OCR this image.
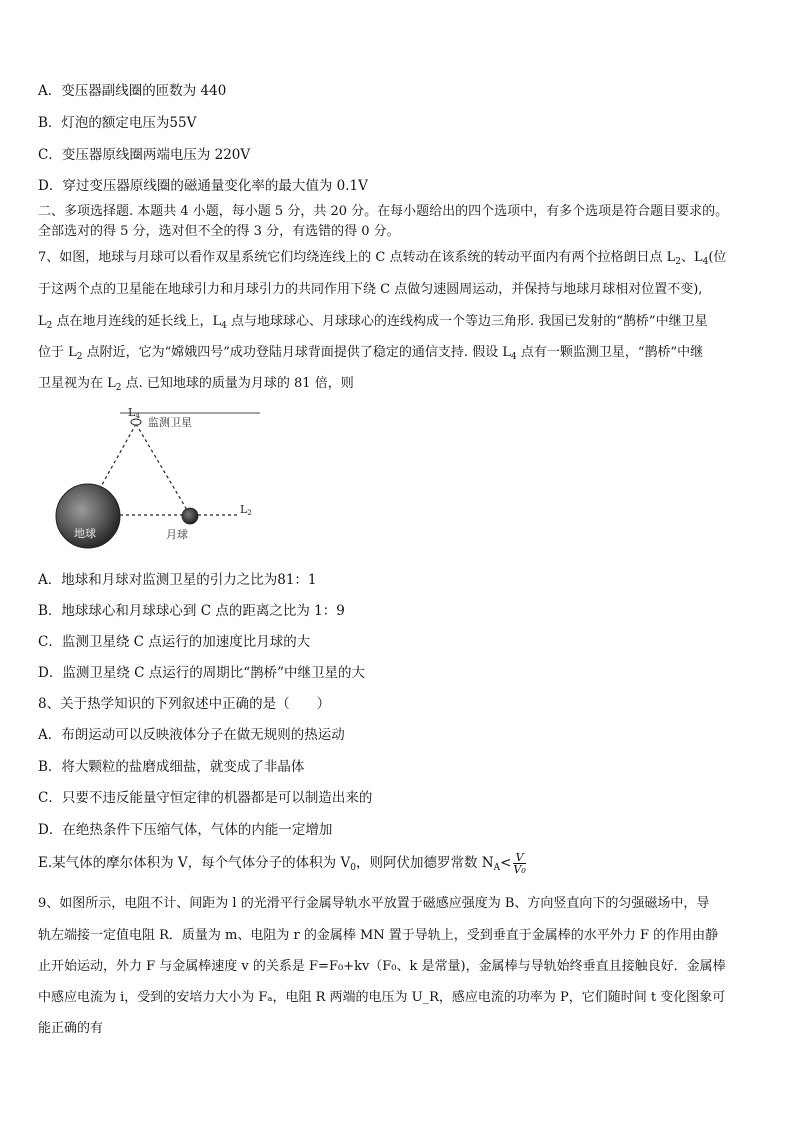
A．变压器副线圈的匝数为 440
B．灯泡的额定电压为55V
C．变压器原线圈两端电压为 220V
D．穿过变压器原线圈的磁通量变化率的最大值为 0.1V
二、多项选择题. 本题共 4 小题，每小题 5 分，共 20 分。在每小题给出的四个选项中，有多个选项是符合题目要求的。
全部选对的得 5 分，选对但不全的得 3 分，有选错的得 0 分。
7、如图，地球与月球可以看作双星系统它们均绕连线上的 C 点转动在该系统的转动平面内有两个拉格朗日点 $L_2$、$L_4$(位
于这两个点的卫星能在地球引力和月球引力的共同作用下绕 C 点做匀速圆周运动，并保持与地球月球相对位置不变),
$L_2$ 点在地月连线的延长线上，$L_4$ 点与地球球心、月球球心的连线构成一个等边三角形. 我国已发射的“鹊桥”中继卫星
位于 $L_2$ 点附近，它为“嫦娥四号”成功登陆月球背面提供了稳定的通信支持. 假设 $L_4$ 点有一颗监测卫星，“鹊桥”中继
卫星视为在 $L_2$ 点. 已知地球的质量为月球的 81 倍，则
地球	月球
L4 监测卫星
L2
A．地球和月球对监测卫星的引力之比为81：1
B．地球球心和月球球心到 C 点的距离之比为 1：9
C．监测卫星绕 C 点运行的加速度比月球的大
D．监测卫星绕 C 点运行的周期比“鹊桥”中继卫星的大
8、关于热学知识的下列叙述中正确的是（　　）
A．布朗运动可以反映液体分子在做无规则的热运动
B．将大颗粒的盐磨成细盐，就变成了非晶体
C．只要不违反能量守恒定律的机器都是可以制造出来的
D．在绝热条件下压缩气体，气体的内能一定增加
E.某气体的摩尔体积为 V，每个气体分子的体积为 $V_0$，则阿伏加德罗常数 $N_A< \frac{V}{\text{V₀}}$
9、如图所示，电阻不计、间距为 l 的光滑平行金属导轨水平放置于磁感应强度为 B、方向竖直向下的匀强磁场中，导
轨左端接一定值电阻 R．质量为 m、电阻为 r 的金属棒 MN 置于导轨上，受到垂直于金属棒的水平外力 F 的作用由静
止开始运动，外力 F 与金属棒速度 v 的关系是 F=F₀+kv（F₀、k 是常量)，金属棒与导轨始终垂直且接触良好．金属棒
中感应电流为 i，受到的安培力大小为 Fₐ，电阻 R 两端的电压为 U_R，感应电流的功率为 P，它们随时间 t 变化图象可
能正确的有
